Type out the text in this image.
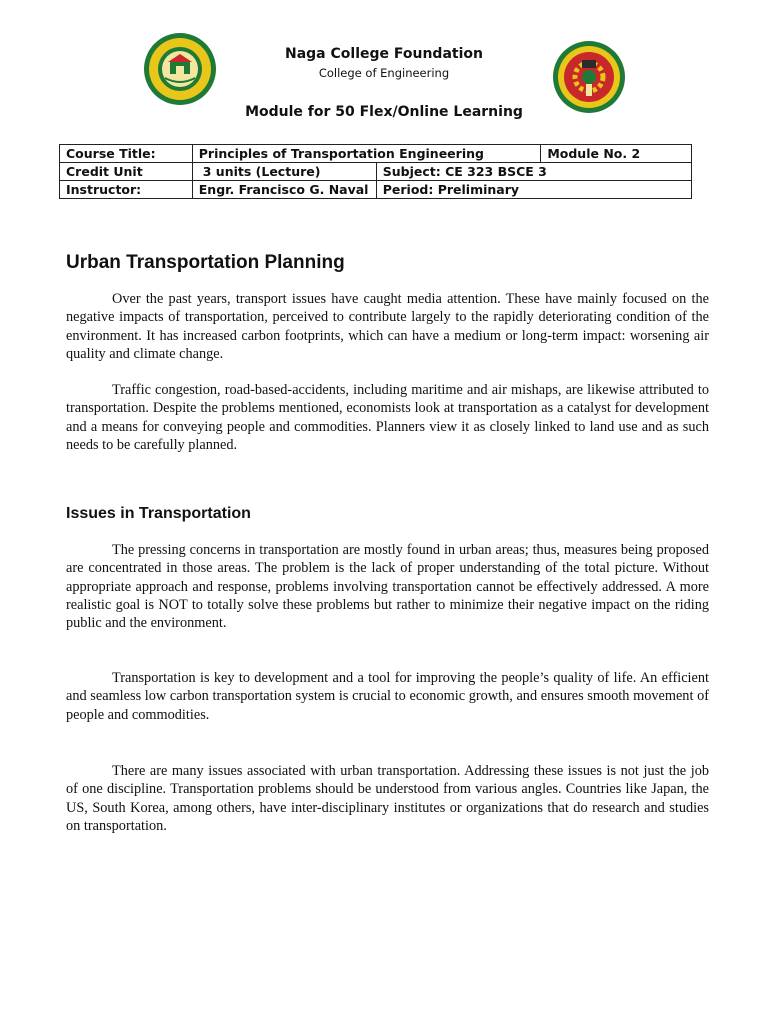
Naga College Foundation
College of Engineering
Module for 50 Flex/Online Learning
Course Title:	Principles of Transportation Engineering		Module No. 2
Credit Unit	3 units (Lecture)	Subject: CE 323 BSCE 3	
Instructor:	Engr. Francisco G. Naval	Period: Preliminary	
Urban Transportation Planning

Over the past years, transport issues have caught media attention. These have mainly focused on the negative impacts of transportation, perceived to contribute largely to the rapidly deteriorating condition of the environment. It has increased carbon footprints, which can have a medium or long-term impact: worsening air quality and climate change.

Traffic congestion, road-based-accidents, including maritime and air mishaps, are likewise attributed to transportation. Despite the problems mentioned, economists look at transportation as a catalyst for development and a means for conveying people and commodities. Planners view it as closely linked to land use and as such needs to be carefully planned.

Issues in Transportation

The pressing concerns in transportation are mostly found in urban areas; thus, measures being proposed are concentrated in those areas. The problem is the lack of proper understanding of the total picture. Without appropriate approach and response, problems involving transportation cannot be effectively addressed. A more realistic goal is NOT to totally solve these problems but rather to minimize their negative impact on the riding public and the environment.

Transportation is key to development and a tool for improving the people’s quality of life. An efficient and seamless low carbon transportation system is crucial to economic growth, and ensures smooth movement of people and commodities.

There are many issues associated with urban transportation. Addressing these issues is not just the job of one discipline. Transportation problems should be understood from various angles. Countries like Japan, the US, South Korea, among others, have inter-disciplinary institutes or organizations that do research and studies on transportation.
